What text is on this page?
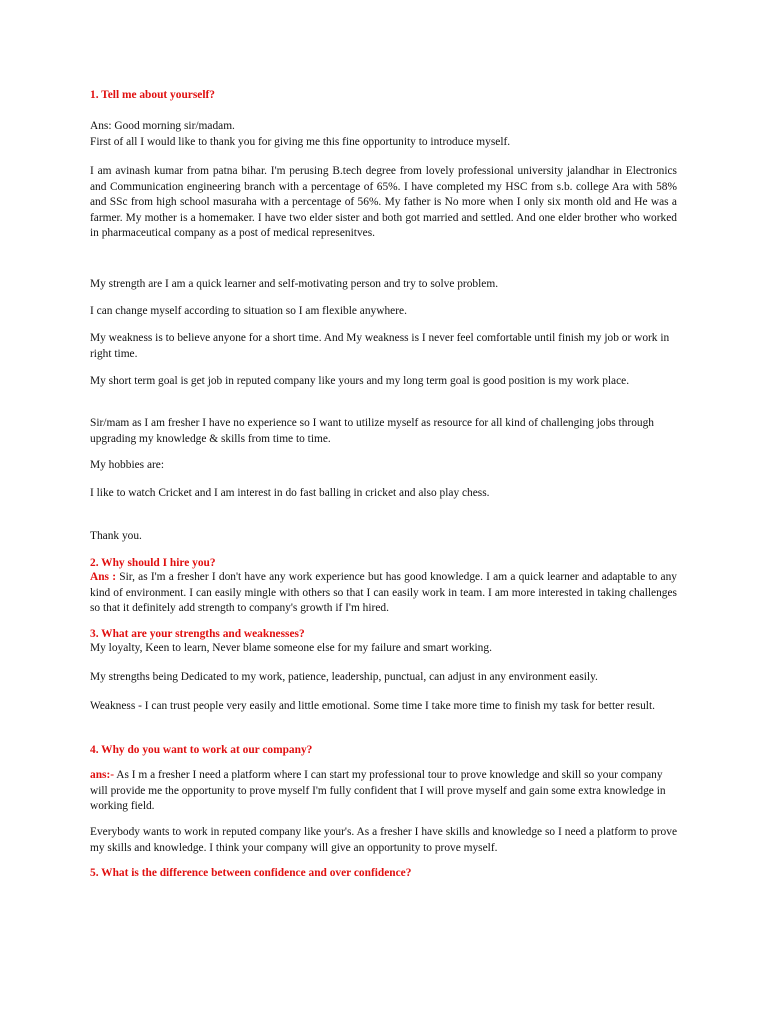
1. Tell me about yourself?

Ans: Good morning sir/madam.
First of all I would like to thank you for giving me this fine opportunity to introduce myself.

I am avinash kumar from patna bihar. I'm perusing B.tech degree from lovely professional university jalandhar in Electronics and Communication engineering branch with a percentage of 65%. I have completed my HSC from s.b. college Ara with 58% and SSc from high school masuraha with a percentage of 56%. My father is No more when I only six month old and He was a farmer. My mother is a homemaker. I have two elder sister and both got married and settled. And one elder brother who worked in pharmaceutical company as a post of medical represenitves.

My strength are I am a quick learner and self-motivating person and try to solve problem.

I can change myself according to situation so I am flexible anywhere.

My weakness is to believe anyone for a short time. And My weakness is I never feel comfortable until finish my job or work in right time.

My short term goal is get job in reputed company like yours and my long term goal is good position is my work place.

Sir/mam as I am fresher I have no experience so I want to utilize myself as resource for all kind of challenging jobs through upgrading my knowledge & skills from time to time.

My hobbies are:

I like to watch Cricket and I am interest in do fast balling in cricket and also play chess.

Thank you.

2. Why should I hire you?

Ans : Sir, as I'm a fresher I don't have any work experience but has good knowledge. I am a quick learner and adaptable to any kind of environment. I can easily mingle with others so that I can easily work in team. I am more interested in taking challenges so that it definitely add strength to company's growth if I'm hired.

3. What are your strengths and weaknesses?

My loyalty, Keen to learn, Never blame someone else for my failure and smart working.

My strengths being Dedicated to my work, patience, leadership, punctual, can adjust in any environment easily.

Weakness - I can trust people very easily and little emotional. Some time I take more time to finish my task for better result.

4. Why do you want to work at our company?

ans:- As I m a fresher I need a platform where I can start my professional tour to prove knowledge and skill so your company will provide me the opportunity to prove myself I'm fully confident that I will prove myself and gain some extra knowledge in working field.

Everybody wants to work in reputed company like your's. As a fresher I have skills and knowledge so I need a platform to prove my skills and knowledge. I think your company will give an opportunity to prove myself.

5. What is the difference between confidence and over confidence?
